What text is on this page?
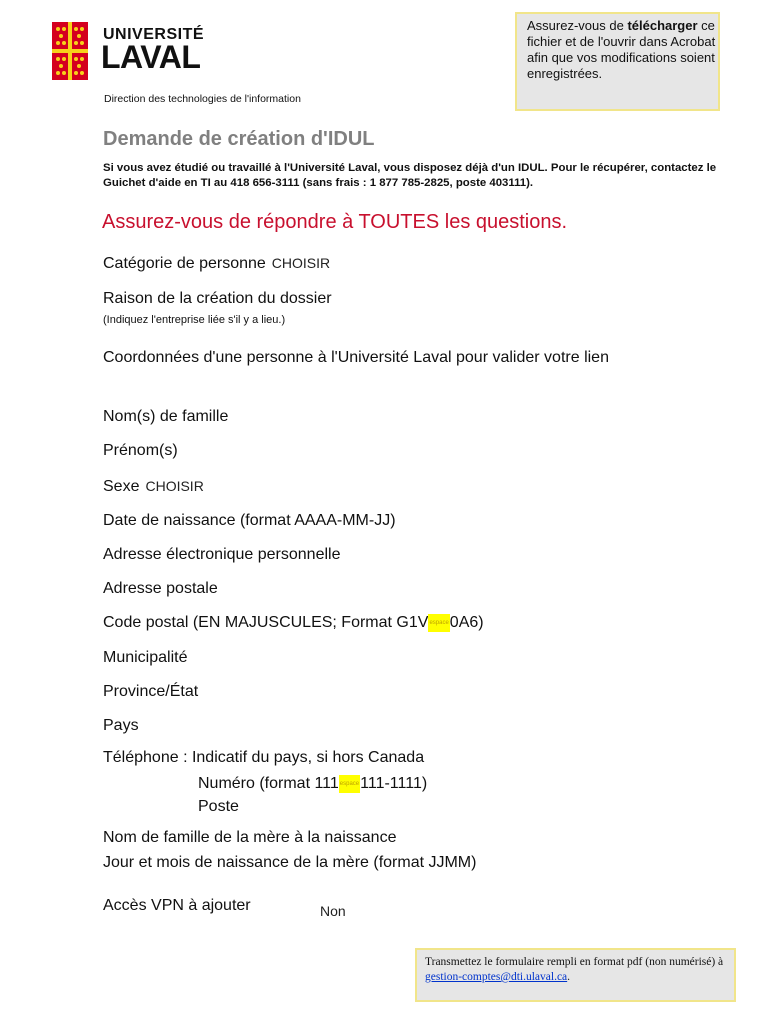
UNIVERSITÉ
LAVAL
Direction des technologies de l'information
Assurez-vous de télécharger ce fichier et de l'ouvrir dans Acrobat afin que vos modifications soient enregistrées.
Demande de création d'IDUL
Si vous avez étudié ou travaillé à l'Université Laval, vous disposez déjà d'un IDUL. Pour le récupérer, contactez le Guichet d'aide en TI au 418 656-3111 (sans frais : 1 877 785-2825, poste 403111).
Assurez-vous de répondre à TOUTES les questions.
Catégorie de personne CHOISIR
Raison de la création du dossier
(Indiquez l'entreprise liée s'il y a lieu.)
Coordonnées d'une personne à l'Université Laval pour valider votre lien
Nom(s) de famille
Prénom(s)
Sexe CHOISIR
Date de naissance (format AAAA-MM-JJ)
Adresse électronique personnelle
Adresse postale
Code postal (EN MAJUSCULES; Format G1Vespace0A6)
Municipalité
Province/État
Pays
Téléphone : Indicatif du pays, si hors Canada
Numéro (format 111espace111-1111)
Poste
Nom de famille de la mère à la naissance
Jour et mois de naissance de la mère (format JJMM)
Accès VPN à ajouter	Non
Transmettez le formulaire rempli en format pdf (non numérisé) à gestion-comptes@dti.ulaval.ca.
